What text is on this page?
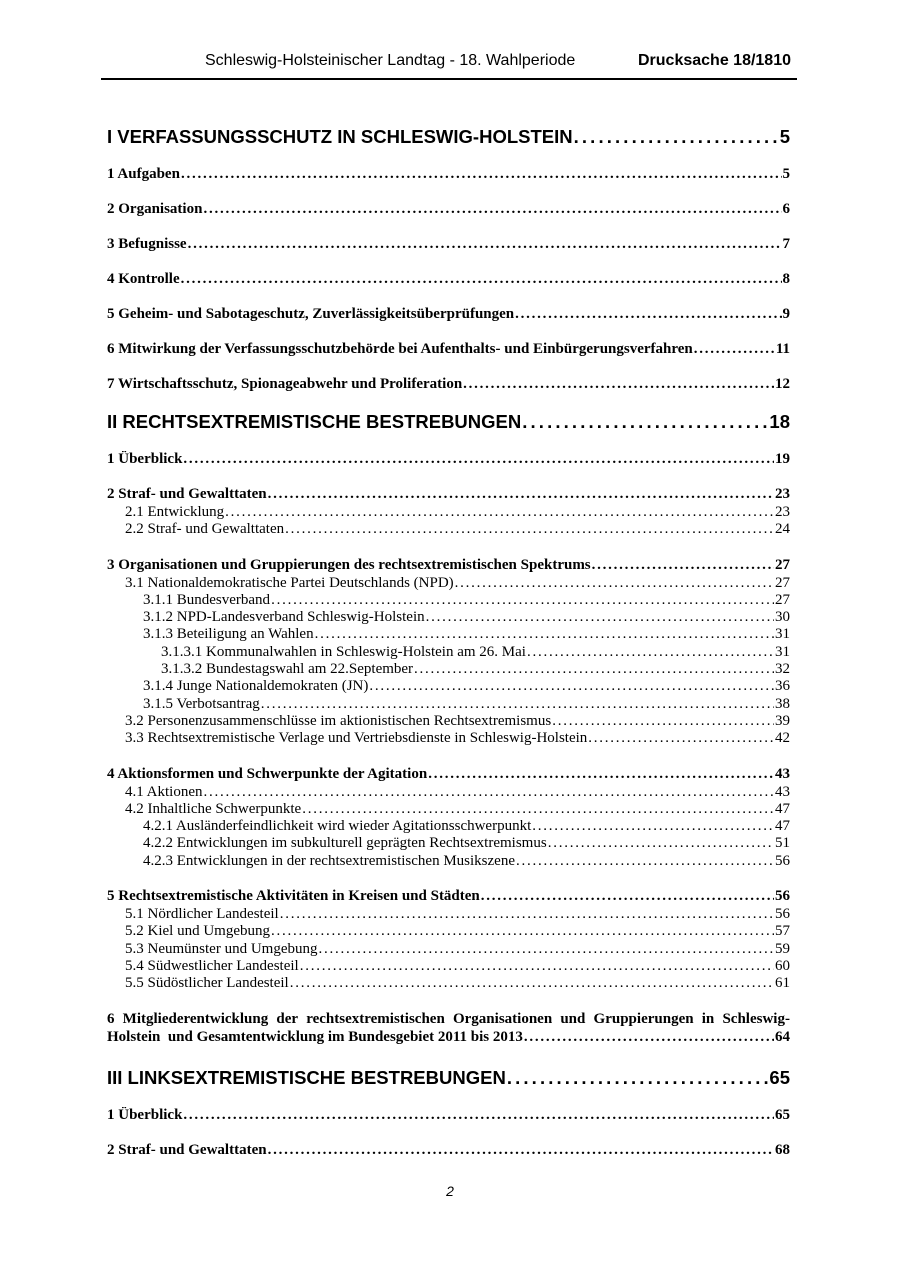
Schleswig-Holsteinischer Landtag - 18. Wahlperiode	Drucksache 18/1810
I VERFASSUNGSSCHUTZ IN SCHLESWIG-HOLSTEIN . . .	5
1 Aufgaben . . .	5
2 Organisation . . .	6
3 Befugnisse . . .	7
4 Kontrolle . . .	8
5 Geheim- und Sabotageschutz, Zuverlässigkeitsüberprüfungen . . .	9
6 Mitwirkung der Verfassungsschutzbehörde bei Aufenthalts- und Einbürgerungsverfahren . . .	11
7 Wirtschaftsschutz, Spionageabwehr und Proliferation . . .	12
II RECHTSEXTREMISTISCHE BESTREBUNGEN . . .	18
1 Überblick . . .	19
2 Straf- und Gewalttaten . . .	23
2.1 Entwicklung . . .	23
2.2 Straf- und Gewalttaten . . .	24
3 Organisationen und Gruppierungen des rechtsextremistischen Spektrums . . .	27
3.1 Nationaldemokratische Partei Deutschlands (NPD) . . .	27
3.1.1 Bundesverband . . .	27
3.1.2 NPD-Landesverband Schleswig-Holstein . . .	30
3.1.3 Beteiligung an Wahlen . . .	31
3.1.3.1 Kommunalwahlen in Schleswig-Holstein am 26. Mai . . .	31
3.1.3.2 Bundestagswahl am 22.September . . .	32
3.1.4 Junge Nationaldemokraten (JN) . . .	36
3.1.5 Verbotsantrag . . .	38
3.2 Personenzusammenschlüsse im aktionistischen Rechtsextremismus . . .	39
3.3 Rechtsextremistische Verlage und Vertriebsdienste in Schleswig-Holstein . . .	42
4 Aktionsformen und Schwerpunkte der Agitation . . .	43
4.1 Aktionen . . .	43
4.2 Inhaltliche Schwerpunkte . . .	47
4.2.1 Ausländerfeindlichkeit wird wieder Agitationsschwerpunkt . . .	47
4.2.2 Entwicklungen im subkulturell geprägten Rechtsextremismus . . .	51
4.2.3 Entwicklungen in der rechtsextremistischen Musikszene . . .	56
5 Rechtsextremistische Aktivitäten in Kreisen und Städten . . .	56
5.1 Nördlicher Landesteil . . .	56
5.2 Kiel und Umgebung . . .	57
5.3 Neumünster und Umgebung . . .	59
5.4 Südwestlicher Landesteil . . .	60
5.5 Südöstlicher Landesteil . . .	61
6 Mitgliederentwicklung der rechtsextremistischen Organisationen und Gruppierungen in Schleswig-
Holstein  und Gesamtentwicklung im Bundesgebiet 2011 bis 2013 . . .	64
III LINKSEXTREMISTISCHE BESTREBUNGEN . . .	65
1 Überblick . . .	65
2 Straf- und Gewalttaten . . .	68
2
